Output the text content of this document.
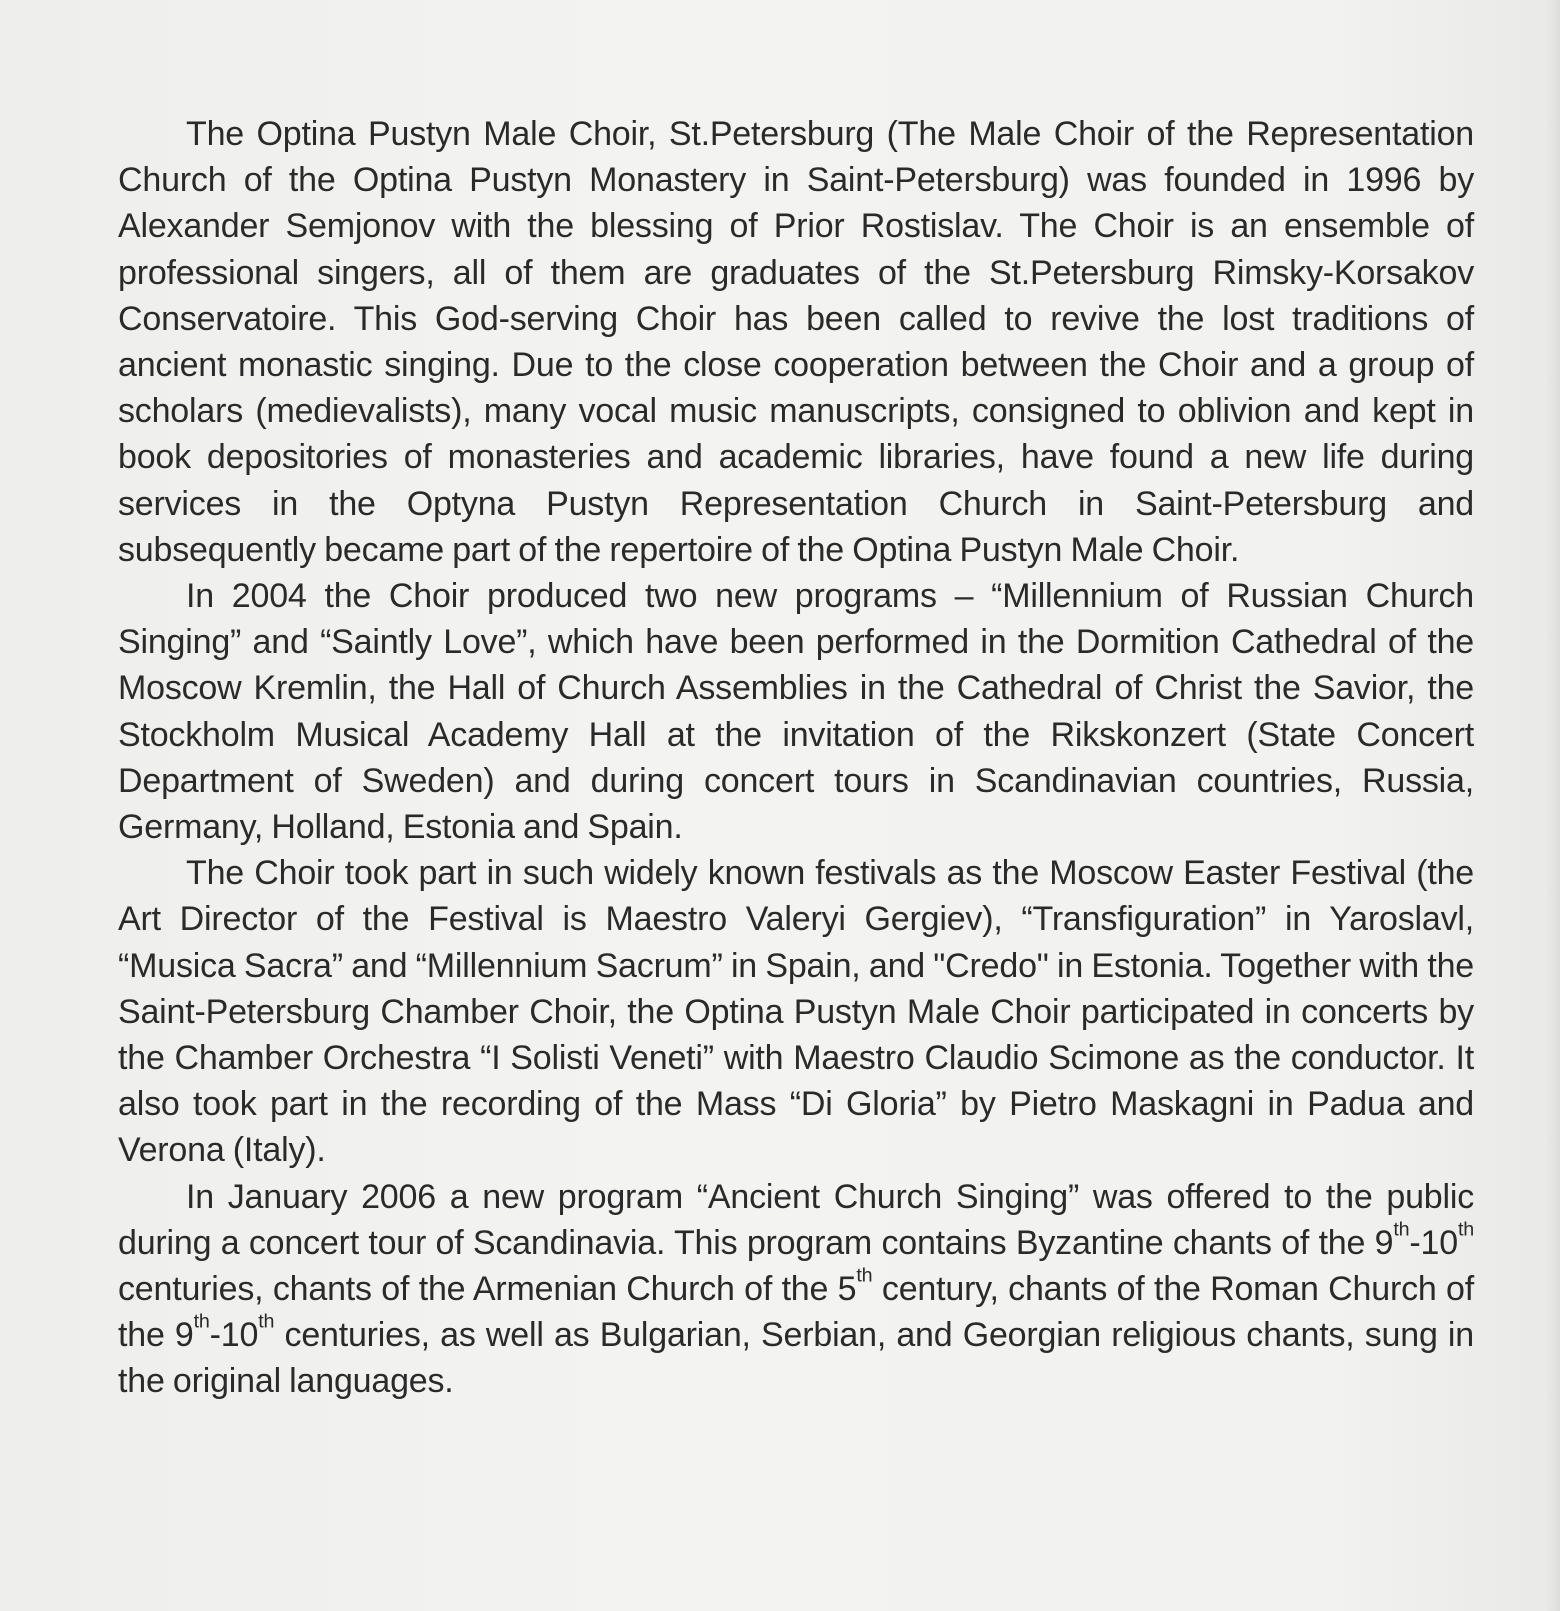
The Optina Pustyn Male Choir, St.Petersburg (The Male Choir of the Representation Church of the Optina Pustyn Monastery in Saint-Petersburg) was founded in 1996 by Alexander Semjonov with the blessing of Prior Rostislav. The Choir is an ensemble of professional singers, all of them are graduates of the St.Petersburg Rimsky-Korsakov Conservatoire. This God-serving Choir has been called to revive the lost traditions of ancient monastic singing. Due to the close cooperation between the Choir and a group of scholars (medievalists), many vocal music manuscripts, consigned to oblivion and kept in book depositories of monasteries and academic libraries, have found a new life during services in the Optyna Pustyn Representation Church in Saint-Petersburg and subsequently became part of the repertoire of the Optina Pustyn Male Choir.

In 2004 the Choir produced two new programs – “Millennium of Russian Church Singing” and “Saintly Love”, which have been performed in the Dormition Cathedral of the Moscow Kremlin, the Hall of Church Assemblies in the Cathedral of Christ the Savior, the Stockholm Musical Academy Hall at the invitation of the Rikskonzert (State Concert Department of Sweden) and during concert tours in Scandinavian countries, Russia, Germany, Holland, Estonia and Spain.

The Choir took part in such widely known festivals as the Moscow Easter Festival (the Art Director of the Festival is Maestro Valeryi Gergiev), “Transfiguration” in Yaroslavl, “Musica Sacra” and “Millennium Sacrum” in Spain, and "Credo" in Estonia. Together with the Saint-Petersburg Chamber Choir, the Optina Pustyn Male Choir participated in concerts by the Chamber Orchestra “I Solisti Veneti” with Maestro Claudio Scimone as the conductor. It also took part in the recording of the Mass “Di Gloria” by Pietro Maskagni in Padua and Verona (Italy).

In January 2006 a new program “Ancient Church Singing” was offered to the public during a concert tour of Scandinavia. This program contains Byzantine chants of the 9th-10th centuries, chants of the Armenian Church of the 5th century, chants of the Roman Church of the 9th-10th centuries, as well as Bulgarian, Serbian, and Georgian religious chants, sung in the original languages.
